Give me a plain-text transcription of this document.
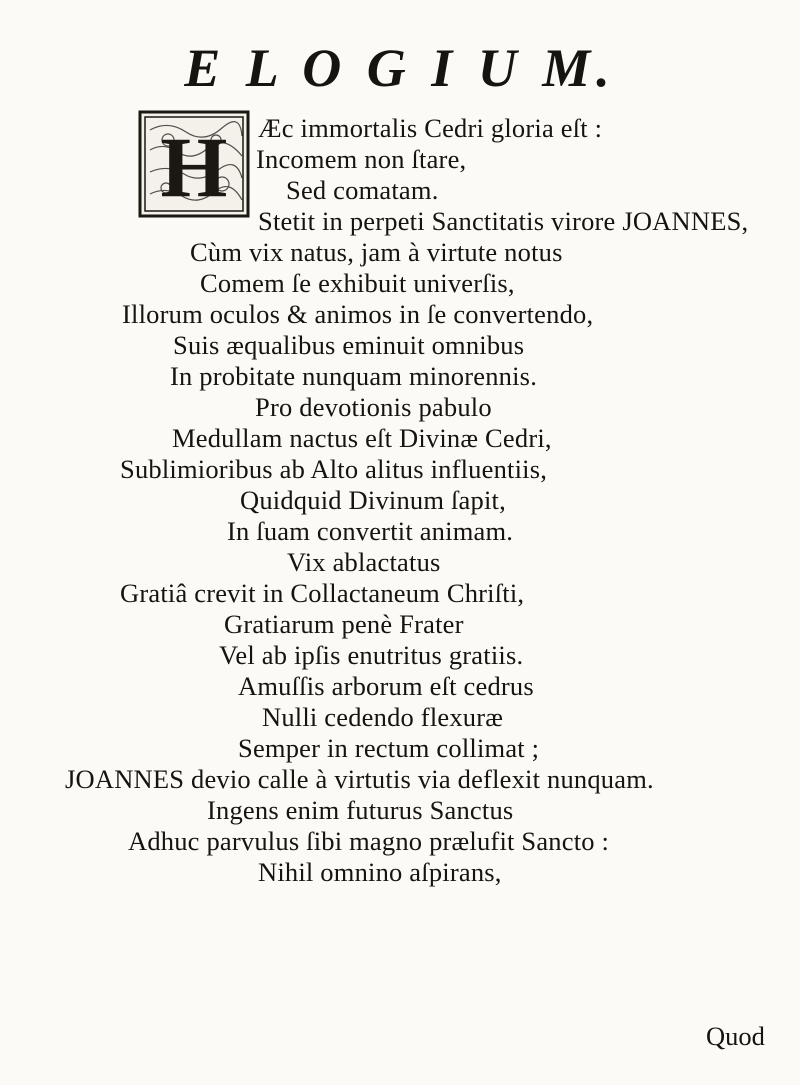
E L O G I U M.
H Æc immortalis Cedri gloria eſt :
Incomem non ſtare,
Sed comatam.
Stetit in perpeti Sanctitatis virore JOANNES,
Cùm vix natus, jam à virtute notus
Comem ſe exhibuit univerſis,
Illorum oculos & animos in ſe convertendo,
Suis æqualibus eminuit omnibus
In probitate nunquam minorennis.
Pro devotionis pabulo
Medullam nactus eſt Divinæ Cedri,
Sublimioribus ab Alto alitus influentiis,
Quidquid Divinum ſapit,
In ſuam convertit animam.
Vix ablactatus
Gratiâ crevit in Collactaneum Chriſti,
Gratiarum penè Frater
Vel ab ipſis enutritus gratiis.
Amuſſis arborum eſt cedrus
Nulli cedendo flexuræ
Semper in rectum collimat ;
JOANNES devio calle à virtutis via deflexit nunquam.
Ingens enim futurus Sanctus
Adhuc parvulus ſibi magno prælufit Sancto :
Nihil omnino aſpirans,
Quod
